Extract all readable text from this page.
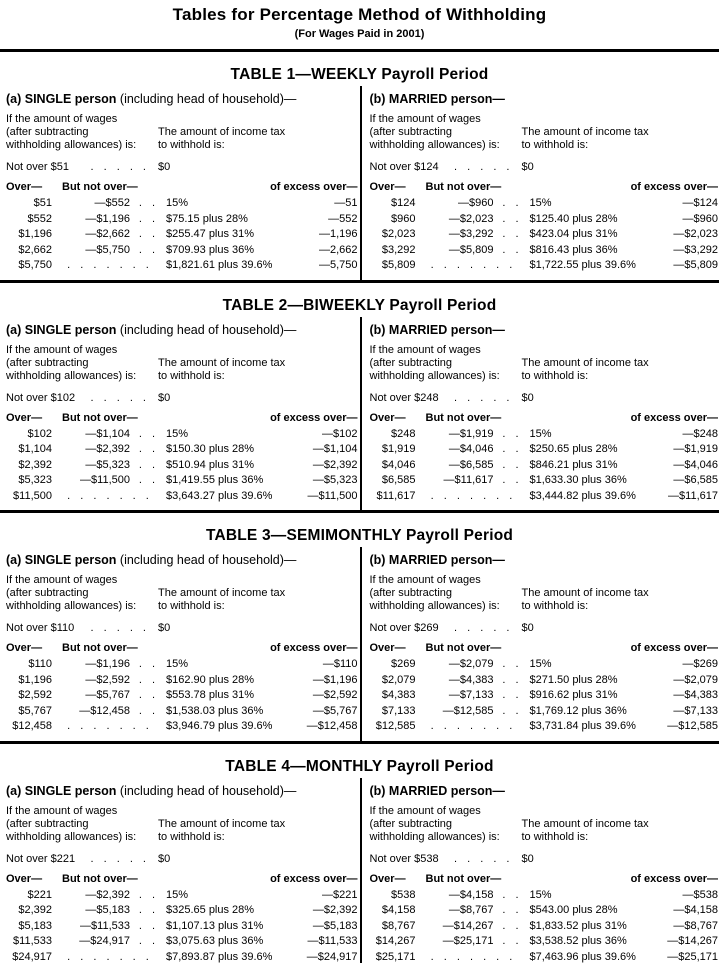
Tables for Percentage Method of Withholding
(For Wages Paid in 2001)
TABLE 1—WEEKLY Payroll Period
(a) SINGLE person (including head of household)—
If the amount of wages
(after subtracting
withholding allowances) is:
The amount of income tax
to withhold is:
Not over $51 . . . . . $0
Over—	But not over—	of excess over—
$51	—$552 . . 15%	—51
$552	—$1,196 . . $75.15 plus 28%	—552
$1,196	—$2,662 . . $255.47 plus 31%	—1,196
$2,662	—$5,750 . . $709.93 plus 36%	—2,662
$5,750	. . . . . . .	$1,821.61 plus 39.6%	—5,750
(b) MARRIED person—
If the amount of wages
(after subtracting
withholding allowances) is:
The amount of income tax
to withhold is:
Not over $124 . . . . . $0
Over—	But not over—	of excess over—
$124	—$960 . . 15%	—$124
$960	—$2,023 . . $125.40 plus 28%	—$960
$2,023	—$3,292 . . $423.04 plus 31%	—$2,023
$3,292	—$5,809 . . $816.43 plus 36%	—$3,292
$5,809	. . . . . . .	$1,722.55 plus 39.6%	—$5,809
TABLE 2—BIWEEKLY Payroll Period
(a) SINGLE person (including head of household)—
If the amount of wages
(after subtracting
withholding allowances) is:
The amount of income tax
to withhold is:
Not over $102 . . . . . $0
Over—	But not over—	of excess over—
$102	—$1,104 . . 15%	—$102
$1,104	—$2,392 . . $150.30 plus 28%	—$1,104
$2,392	—$5,323 . . $510.94 plus 31%	—$2,392
$5,323	—$11,500 . . $1,419.55 plus 36%	—$5,323
$11,500	. . . . . . .	$3,643.27 plus 39.6%	—$11,500
(b) MARRIED person—
If the amount of wages
(after subtracting
withholding allowances) is:
The amount of income tax
to withhold is:
Not over $248 . . . . . $0
Over—	But not over—	of excess over—
$248	—$1,919 . . 15%	—$248
$1,919	—$4,046 . . $250.65 plus 28%	—$1,919
$4,046	—$6,585 . . $846.21 plus 31%	—$4,046
$6,585	—$11,617 . . $1,633.30 plus 36%	—$6,585
$11,617	. . . . . . .	$3,444.82 plus 39.6%	—$11,617
TABLE 3—SEMIMONTHLY Payroll Period
(a) SINGLE person (including head of household)—
If the amount of wages
(after subtracting
withholding allowances) is:
The amount of income tax
to withhold is:
Not over $110 . . . . . $0
Over—	But not over—	of excess over—
$110	—$1,196 . . 15%	—$110
$1,196	—$2,592 . . $162.90 plus 28%	—$1,196
$2,592	—$5,767 . . $553.78 plus 31%	—$2,592
$5,767	—$12,458 . . $1,538.03 plus 36%	—$5,767
$12,458	. . . . . . .	$3,946.79 plus 39.6%	—$12,458
(b) MARRIED person—
If the amount of wages
(after subtracting
withholding allowances) is:
The amount of income tax
to withhold is:
Not over $269 . . . . . $0
Over—	But not over—	of excess over—
$269	—$2,079 . . 15%	—$269
$2,079	—$4,383 . . $271.50 plus 28%	—$2,079
$4,383	—$7,133 . . $916.62 plus 31%	—$4,383
$7,133	—$12,585 . . $1,769.12 plus 36%	—$7,133
$12,585	. . . . . . .	$3,731.84 plus 39.6%	—$12,585
TABLE 4—MONTHLY Payroll Period
(a) SINGLE person (including head of household)—
If the amount of wages
(after subtracting
withholding allowances) is:
The amount of income tax
to withhold is:
Not over $221 . . . . . $0
Over—	But not over—	of excess over—
$221	—$2,392 . . 15%	—$221
$2,392	—$5,183 . . $325.65 plus 28%	—$2,392
$5,183	—$11,533 . . $1,107.13 plus 31%	—$5,183
$11,533	—$24,917 . . $3,075.63 plus 36%	—$11,533
$24,917	. . . . . . .	$7,893.87 plus 39.6%	—$24,917
(b) MARRIED person—
If the amount of wages
(after subtracting
withholding allowances) is:
The amount of income tax
to withhold is:
Not over $538 . . . . . $0
Over—	But not over—	of excess over—
$538	—$4,158 . . 15%	—$538
$4,158	—$8,767 . . $543.00 plus 28%	—$4,158
$8,767	—$14,267 . . $1,833.52 plus 31%	—$8,767
$14,267	—$25,171 . . $3,538.52 plus 36%	—$14,267
$25,171	. . . . . . .	$7,463.96 plus 39.6%	—$25,171
